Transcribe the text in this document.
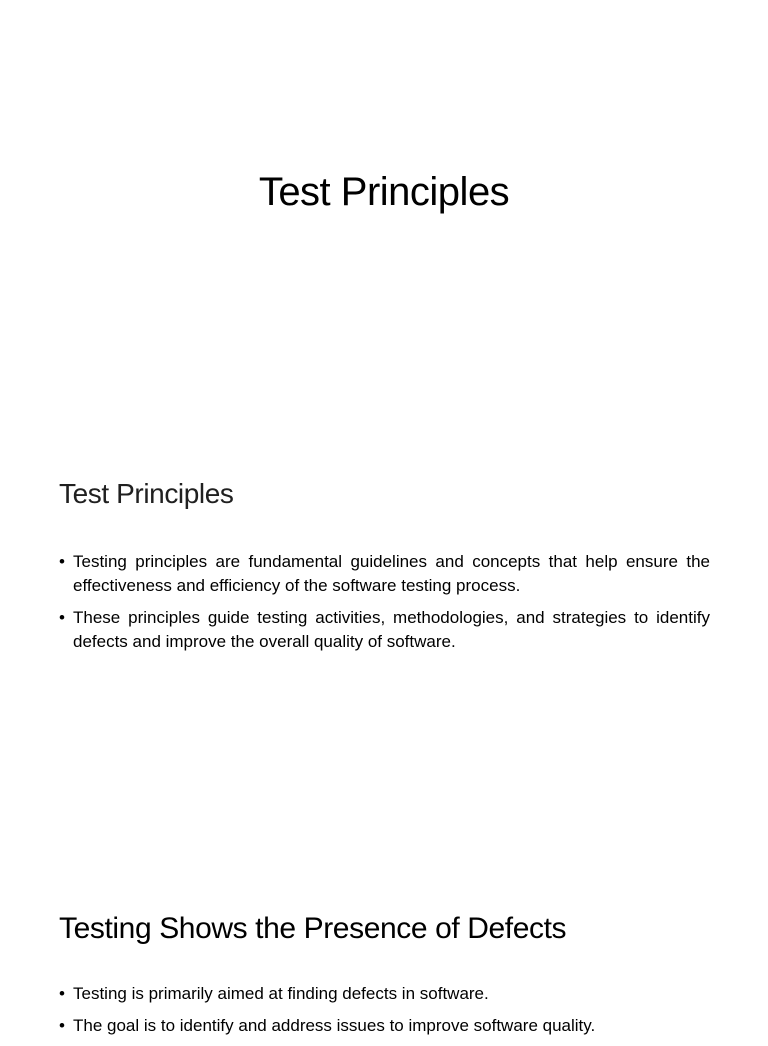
Test Principles
Test Principles
• Testing principles are fundamental guidelines and concepts that help ensure the effectiveness and efficiency of the software testing process.
• These principles guide testing activities, methodologies, and strategies to identify defects and improve the overall quality of software.
Testing Shows the Presence of Defects
• Testing is primarily aimed at finding defects in software.
• The goal is to identify and address issues to improve software quality.
